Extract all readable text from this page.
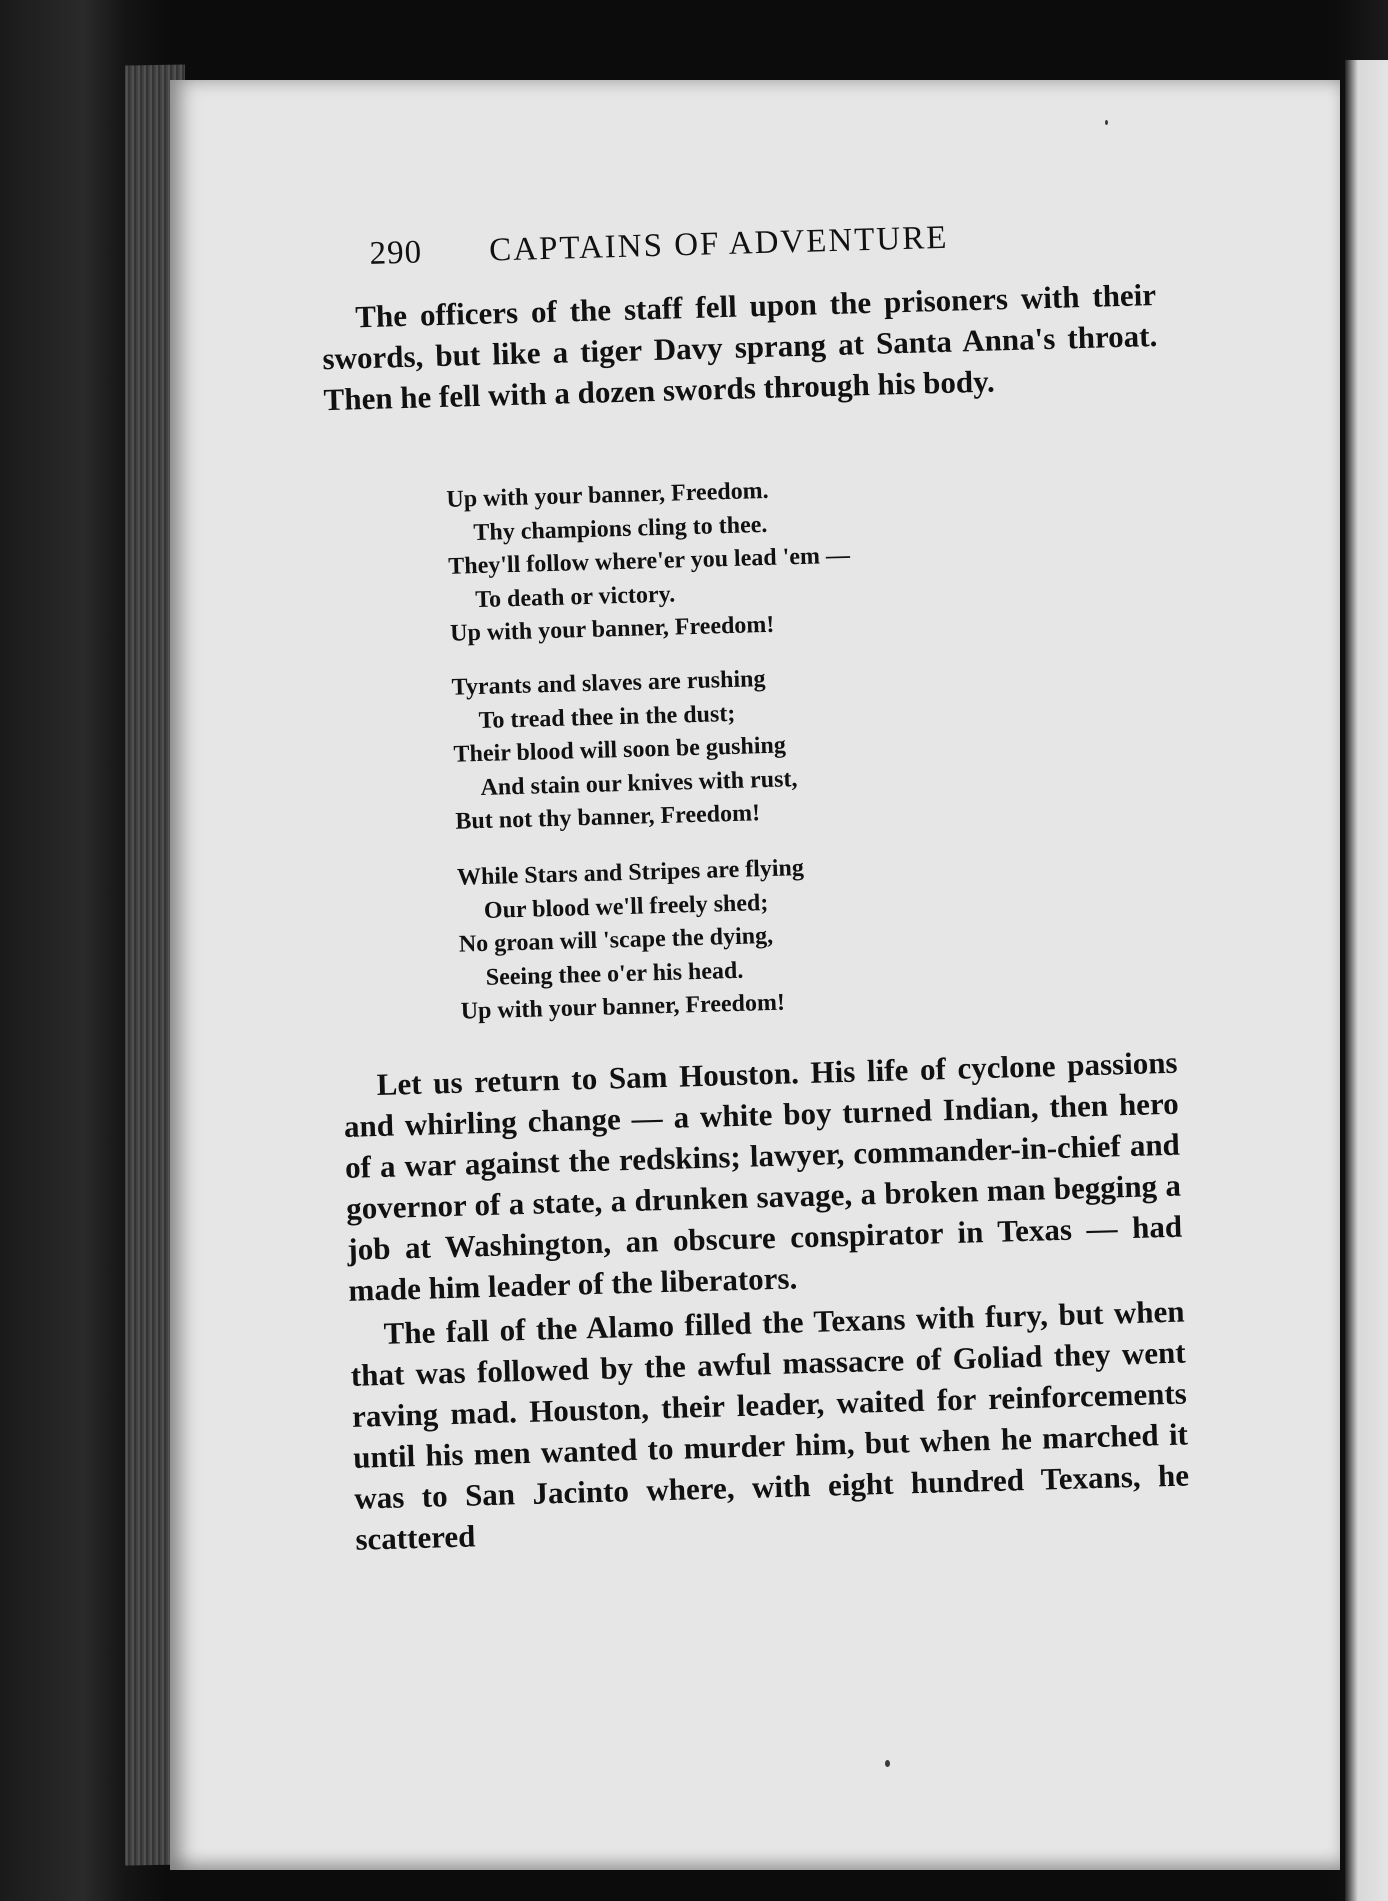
290 CAPTAINS OF ADVENTURE
The officers of the staff fell upon the prisoners with their swords, but like a tiger Davy sprang at Santa Anna's throat. Then he fell with a dozen swords through his body.
Up with your banner, Freedom.
Thy champions cling to thee.
They'll follow where'er you lead 'em —
To death or victory.
Up with your banner, Freedom!
Tyrants and slaves are rushing
To tread thee in the dust;
Their blood will soon be gushing
And stain our knives with rust,
But not thy banner, Freedom!
While Stars and Stripes are flying
Our blood we'll freely shed;
No groan will 'scape the dying,
Seeing thee o'er his head.
Up with your banner, Freedom!
Let us return to Sam Houston. His life of cyclone passions and whirling change — a white boy turned Indian, then hero of a war against the redskins; lawyer, commander-in-chief and governor of a state, a drunken savage, a broken man begging a job at Washington, an obscure conspirator in Texas — had made him leader of the liberators.
The fall of the Alamo filled the Texans with fury, but when that was followed by the awful massacre of Goliad they went raving mad. Houston, their leader, waited for reinforcements until his men wanted to murder him, but when he marched it was to San Jacinto where, with eight hundred Texans, he scattered
